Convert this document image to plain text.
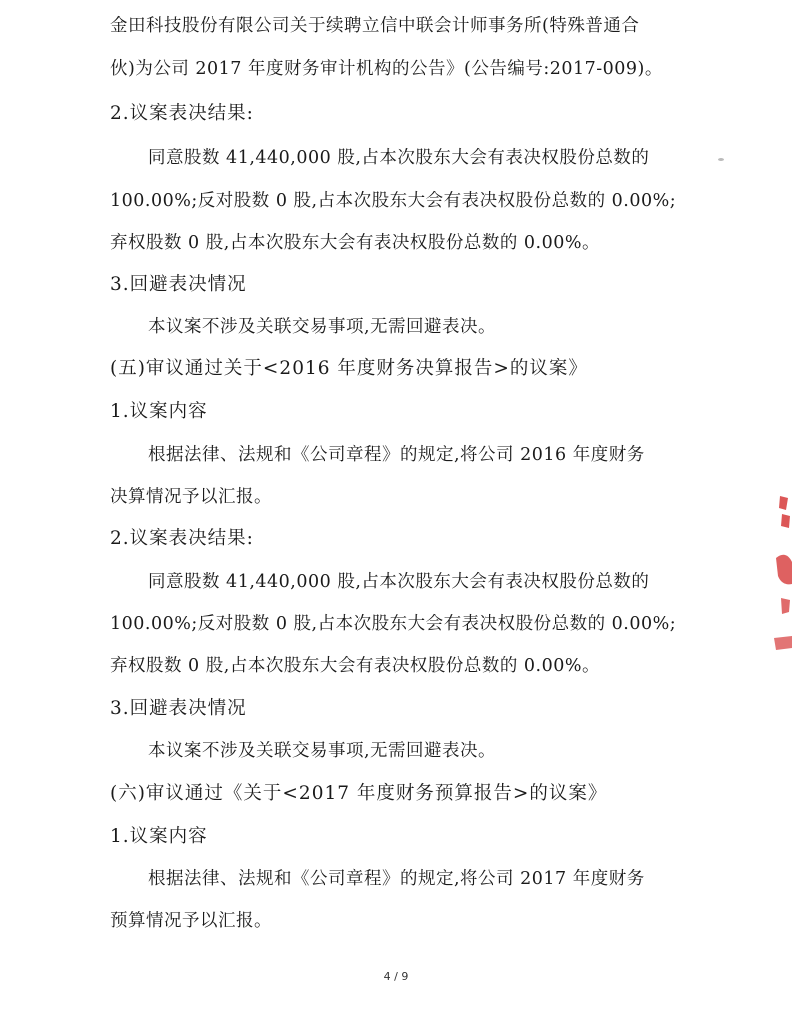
金田科技股份有限公司关于续聘立信中联会计师事务所(特殊普通合
伙)为公司 2017 年度财务审计机构的公告》(公告编号:2017-009)。
2.议案表决结果:
同意股数 41,440,000 股,占本次股东大会有表决权股份总数的
100.00%;反对股数 0 股,占本次股东大会有表决权股份总数的 0.00%;
弃权股数 0 股,占本次股东大会有表决权股份总数的 0.00%。
3.回避表决情况
本议案不涉及关联交易事项,无需回避表决。
(五)审议通过关于<2016 年度财务决算报告>的议案》
1.议案内容
根据法律、法规和《公司章程》的规定,将公司 2016 年度财务
决算情况予以汇报。
2.议案表决结果:
同意股数 41,440,000 股,占本次股东大会有表决权股份总数的
100.00%;反对股数 0 股,占本次股东大会有表决权股份总数的 0.00%;
弃权股数 0 股,占本次股东大会有表决权股份总数的 0.00%。
3.回避表决情况
本议案不涉及关联交易事项,无需回避表决。
(六)审议通过《关于<2017 年度财务预算报告>的议案》
1.议案内容
根据法律、法规和《公司章程》的规定,将公司 2017 年度财务
预算情况予以汇报。
4 / 9
